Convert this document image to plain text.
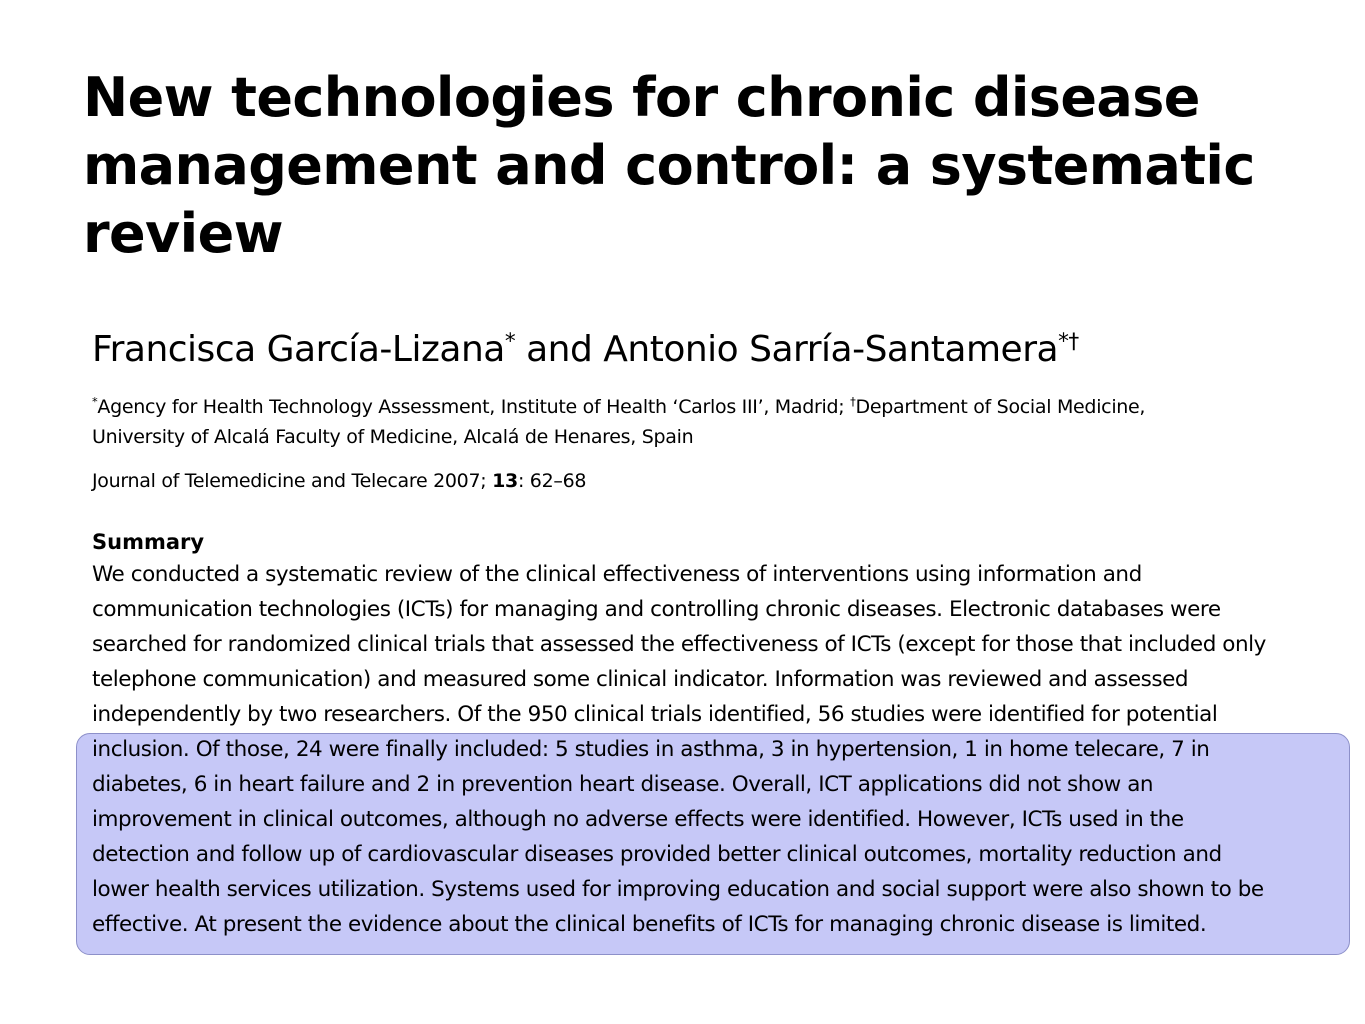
New technologies for chronic disease
management and control: a systematic
review

Francisca García-Lizana* and Antonio Sarría-Santamera*†

*Agency for Health Technology Assessment, Institute of Health ‘Carlos III’, Madrid; †Department of Social Medicine,
University of Alcalá Faculty of Medicine, Alcalá de Henares, Spain
Journal of Telemedicine and Telecare 2007; 13: 62–68
Summary
We conducted a systematic review of the clinical effectiveness of interventions using information and
communication technologies (ICTs) for managing and controlling chronic diseases. Electronic databases were
searched for randomized clinical trials that assessed the effectiveness of ICTs (except for those that included only
telephone communication) and measured some clinical indicator. Information was reviewed and assessed
independently by two researchers. Of the 950 clinical trials identified, 56 studies were identified for potential
inclusion. Of those, 24 were finally included: 5 studies in asthma, 3 in hypertension, 1 in home telecare, 7 in
diabetes, 6 in heart failure and 2 in prevention heart disease. Overall, ICT applications did not show an
improvement in clinical outcomes, although no adverse effects were identified. However, ICTs used in the
detection and follow up of cardiovascular diseases provided better clinical outcomes, mortality reduction and
lower health services utilization. Systems used for improving education and social support were also shown to be
effective. At present the evidence about the clinical benefits of ICTs for managing chronic disease is limited.
